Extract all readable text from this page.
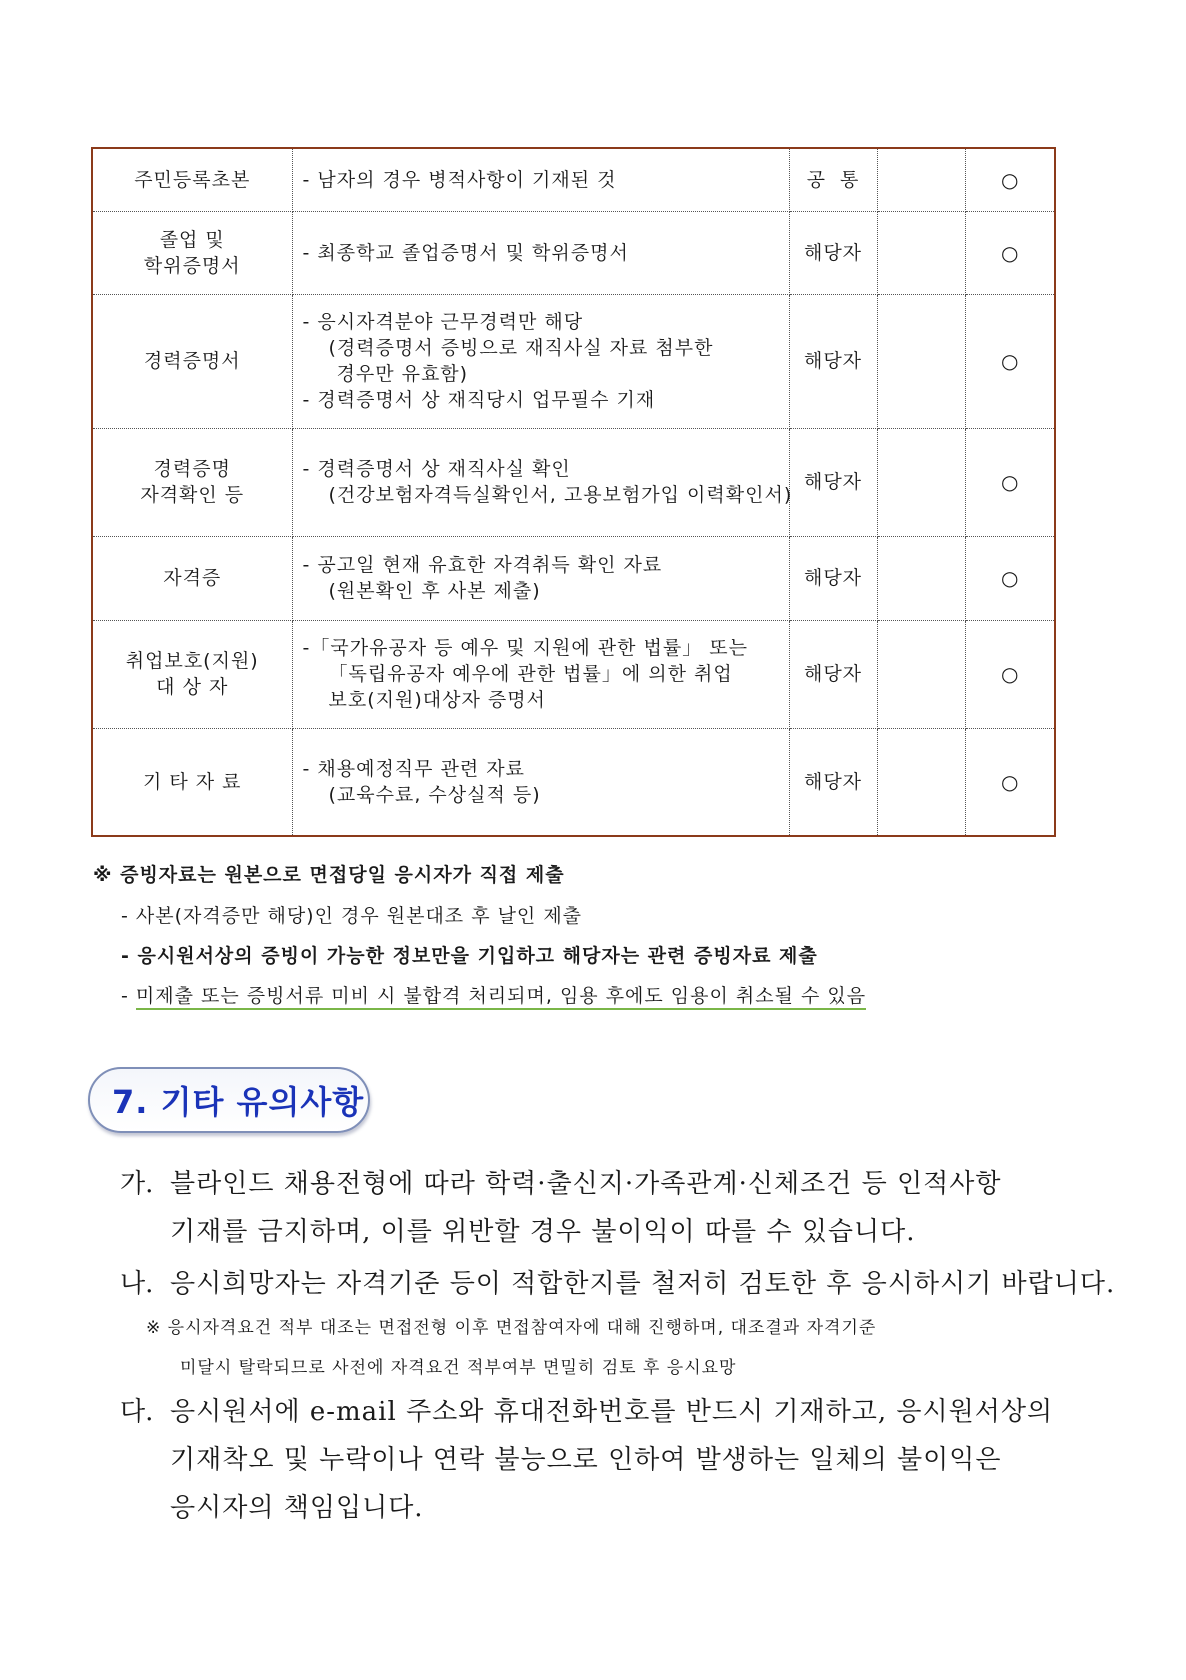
주민등록초본	- 남자의 경우 병적사항이 기재된 것	공  통		○

졸업 및
학위증명서	- 최종학교 졸업증명서 및 학위증명서	해당자		○

경력증명서	- 응시자격분야 근무경력만 해당
(경력증명서 증빙으로 재직사실 자료 첨부한
경우만 유효함)
- 경력증명서 상 재직당시 업무필수 기재	해당자		○

경력증명
자격확인 등	- 경력증명서 상 재직사실 확인
(건강보험자격득실확인서, 고용보험가입 이력확인서)	해당자		○

자격증	- 공고일 현재 유효한 자격취득 확인 자료
(원본확인 후 사본 제출)	해당자		○

취업보호(지원)
대 상 자	-「국가유공자 등 예우 및 지원에 관한 법률」 또는
「독립유공자 예우에 관한 법률」에 의한 취업
보호(지원)대상자 증명서	해당자		○

기 타 자 료	- 채용예정직무 관련 자료
(교육수료, 수상실적 등)	해당자		○
※ 증빙자료는 원본으로 면접당일 응시자가 직접 제출
- 사본(자격증만 해당)인 경우 원본대조 후 날인 제출
- 응시원서상의 증빙이 가능한 정보만을 기입하고 해당자는 관련 증빙자료 제출
- 미제출 또는 증빙서류 미비 시 불합격 처리되며, 임용 후에도 임용이 취소될 수 있음
7. 기타 유의사항
가. 블라인드 채용전형에 따라 학력·출신지·가족관계·신체조건 등 인적사항
기재를 금지하며, 이를 위반할 경우 불이익이 따를 수 있습니다.
나. 응시희망자는 자격기준 등이 적합한지를 철저히 검토한 후 응시하시기 바랍니다.
※ 응시자격요건 적부 대조는 면접전형 이후 면접참여자에 대해 진행하며, 대조결과 자격기준
미달시 탈락되므로 사전에 자격요건 적부여부 면밀히 검토 후 응시요망
다. 응시원서에 e-mail 주소와 휴대전화번호를 반드시 기재하고, 응시원서상의
기재착오 및 누락이나 연락 불능으로 인하여 발생하는 일체의 불이익은
응시자의 책임입니다.
